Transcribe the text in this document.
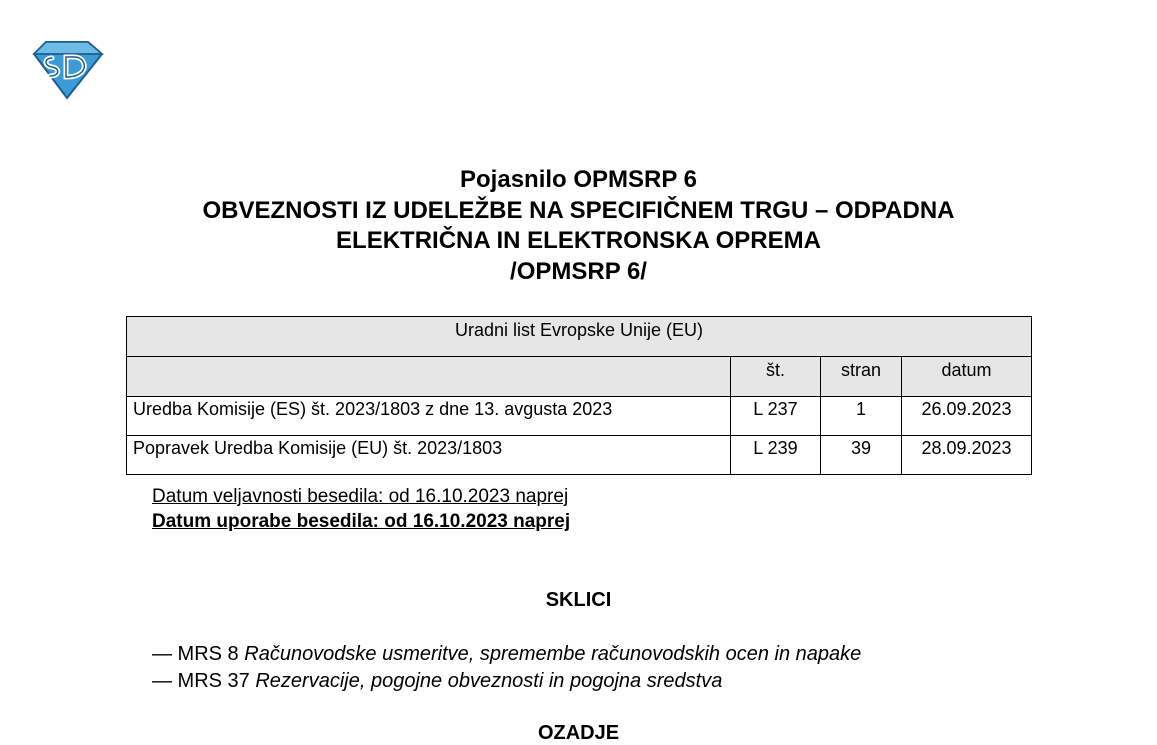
Pojasnilo OPMSRP 6
OBVEZNOSTI IZ UDELEŽBE NA SPECIFIČNEM TRGU – ODPADNA
ELEKTRIČNA IN ELEKTRONSKA OPREMA
/OPMSRP 6/
Uradni list Evropske Unije (EU)			
	št.	stran	datum
Uredba Komisije (ES) št. 2023/1803 z dne 13. avgusta 2023	L 237	1	26.09.2023
Popravek Uredba Komisije (EU) št. 2023/1803	L 239	39	28.09.2023
Datum veljavnosti besedila: od 16.10.2023 naprej
Datum uporabe besedila: od 16.10.2023 naprej
SKLICI
— MRS 8 Računovodske usmeritve, spremembe računovodskih ocen in napake
— MRS 37 Rezervacije, pogojne obveznosti in pogojna sredstva
OZADJE
